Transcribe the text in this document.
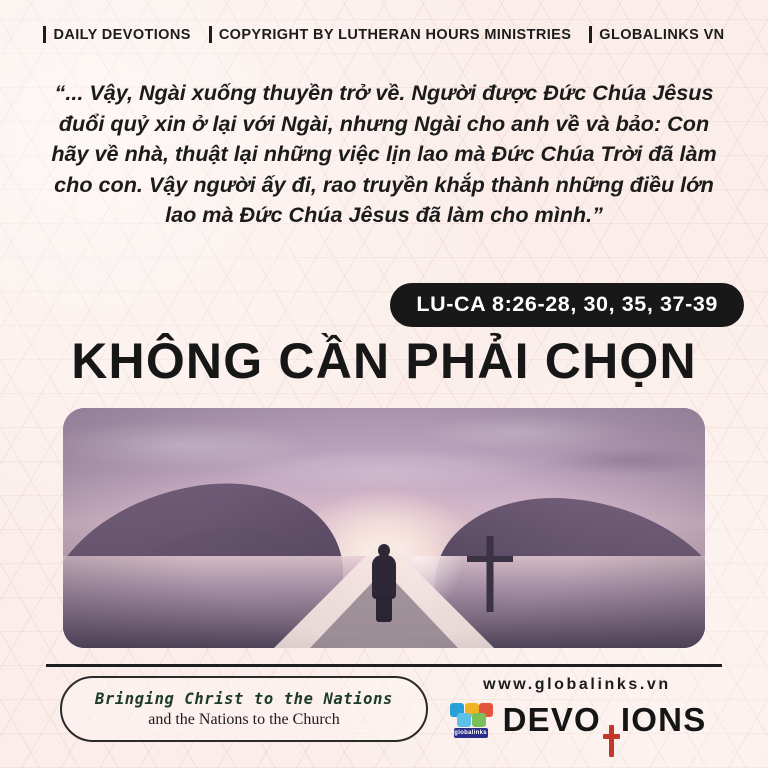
DAILY DEVOTIONS COPYRIGHT BY LUTHERAN HOURS MINISTRIES GLOBALINKS VN
“... Vậy, Ngài xuống thuyền trở về. Người được Đức Chúa Jêsus đuổi quỷ xin ở lại với Ngài, nhưng Ngài cho anh về và bảo: Con hãy về nhà, thuật lại những việc lịn lao mà Đức Chúa Trời đã làm cho con. Vậy người ấy đi, rao truyền khắp thành những điều lớn lao mà Đức Chúa Jêsus đã làm cho mình.”
LU-CA 8:26-28, 30, 35, 37-39
KHÔNG CẦN PHẢI CHỌN
Bringing Christ to the Nations
and the Nations to the Church
www.globalinks.vn
globalinks DEVO IONS
